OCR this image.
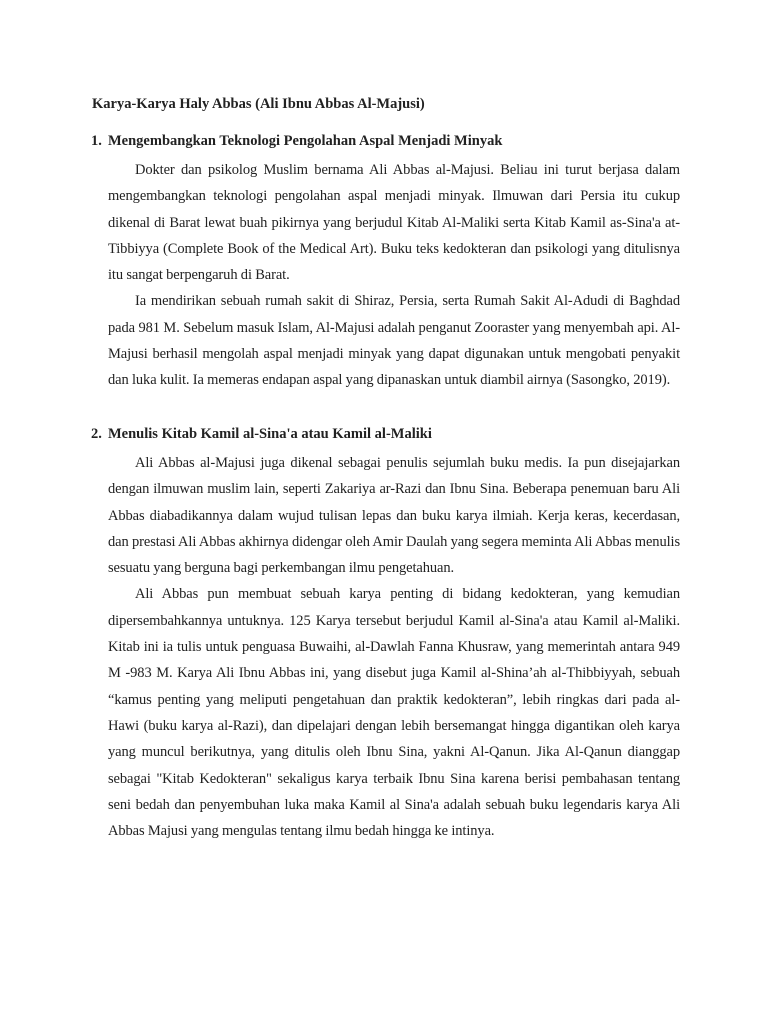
Karya-Karya Haly Abbas (Ali Ibnu Abbas Al-Majusi)
1. Mengembangkan Teknologi Pengolahan Aspal Menjadi Minyak

Dokter dan psikolog Muslim bernama Ali Abbas al-Majusi. Beliau ini turut berjasa dalam mengembangkan teknologi pengolahan aspal menjadi minyak. Ilmuwan dari Persia itu cukup dikenal di Barat lewat buah pikirnya yang berjudul Kitab Al-Maliki serta Kitab Kamil as-Sina'a at-Tibbiyya (Complete Book of the Medical Art). Buku teks kedokteran dan psikologi yang ditulisnya itu sangat berpengaruh di Barat.

Ia mendirikan sebuah rumah sakit di Shiraz, Persia, serta Rumah Sakit Al-Adudi di Baghdad pada 981 M. Sebelum masuk Islam, Al-Majusi adalah penganut Zooraster yang menyembah api. Al-Majusi berhasil mengolah aspal menjadi minyak yang dapat digunakan untuk mengobati penyakit dan luka kulit. Ia memeras endapan aspal yang dipanaskan untuk diambil airnya (Sasongko, 2019).

2. Menulis Kitab Kamil al-Sina'a atau Kamil al-Maliki

Ali Abbas al-Majusi juga dikenal sebagai penulis sejumlah buku medis. Ia pun disejajarkan dengan ilmuwan muslim lain, seperti Zakariya ar-Razi dan Ibnu Sina. Beberapa penemuan baru Ali Abbas diabadikannya dalam wujud tulisan lepas dan buku karya ilmiah. Kerja keras, kecerdasan, dan prestasi Ali Abbas akhirnya didengar oleh Amir Daulah yang segera meminta Ali Abbas menulis sesuatu yang berguna bagi perkembangan ilmu pengetahuan.

Ali Abbas pun membuat sebuah karya penting di bidang kedokteran, yang kemudian dipersembahkannya untuknya. 125 Karya tersebut berjudul Kamil al-Sina'a atau Kamil al-Maliki. Kitab ini ia tulis untuk penguasa Buwaihi, al-Dawlah Fanna Khusraw, yang memerintah antara 949 M -983 M. Karya Ali Ibnu Abbas ini, yang disebut juga Kamil al-Shina’ah al-Thibbiyyah, sebuah “kamus penting yang meliputi pengetahuan dan praktik kedokteran”, lebih ringkas dari pada al-Hawi (buku karya al-Razi), dan dipelajari dengan lebih bersemangat hingga digantikan oleh karya yang muncul berikutnya, yang ditulis oleh Ibnu Sina, yakni Al-Qanun. Jika Al-Qanun dianggap sebagai "Kitab Kedokteran" sekaligus karya terbaik Ibnu Sina karena berisi pembahasan tentang seni bedah dan penyembuhan luka maka Kamil al Sina'a adalah sebuah buku legendaris karya Ali Abbas Majusi yang mengulas tentang ilmu bedah hingga ke intinya.
